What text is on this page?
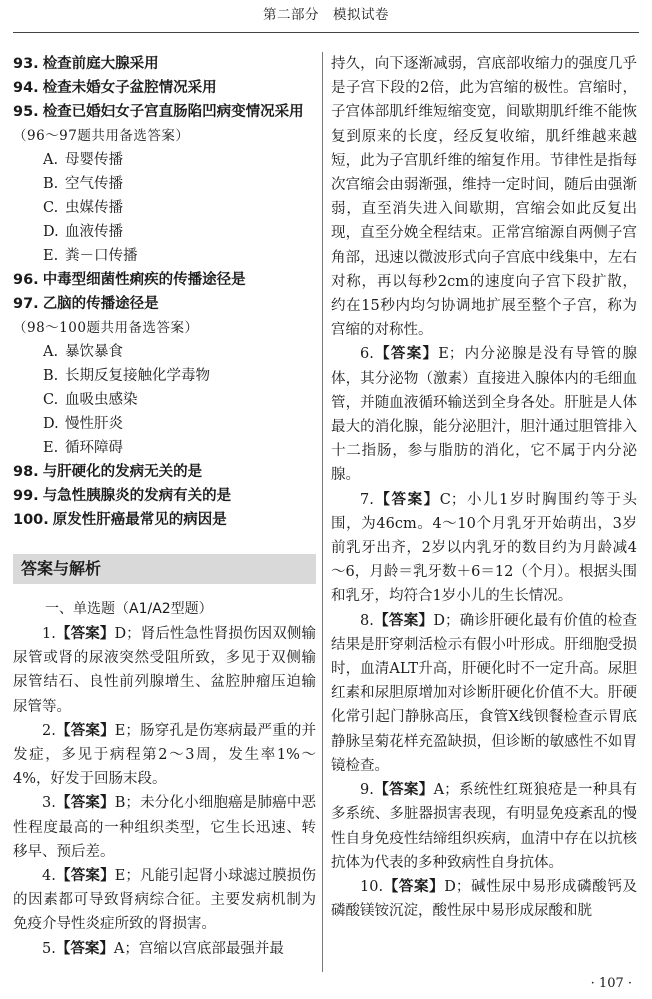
第二部分　模拟试卷
93. 检查前庭大腺采用
94. 检查未婚女子盆腔情况采用
95. 检查已婚妇女子宫直肠陷凹病变情况采用
（96～97题共用备选答案）
A. 母婴传播
B. 空气传播
C. 虫媒传播
D. 血液传播
E. 粪－口传播
96. 中毒型细菌性痢疾的传播途径是
97. 乙脑的传播途径是
（98～100题共用备选答案）
A. 暴饮暴食
B. 长期反复接触化学毒物
C. 血吸虫感染
D. 慢性肝炎
E. 循环障碍
98. 与肝硬化的发病无关的是
99. 与急性胰腺炎的发病有关的是
100. 原发性肝癌最常见的病因是
答案与解析
一、单选题（A1/A2型题）

1.【答案】D；肾后性急性肾损伤因双侧输尿管或肾的尿液突然受阻所致，多见于双侧输尿管结石、良性前列腺增生、盆腔肿瘤压迫输尿管等。

2.【答案】E；肠穿孔是伤寒病最严重的并发症，多见于病程第2～3周，发生率1%～4%，好发于回肠末段。

3.【答案】B；未分化小细胞癌是肺癌中恶性程度最高的一种组织类型，它生长迅速、转移早、预后差。

4.【答案】E；凡能引起肾小球滤过膜损伤的因素都可导致肾病综合征。主要发病机制为免疫介导性炎症所致的肾损害。

5.【答案】A；宫缩以宫底部最强并最

持久，向下逐渐减弱，宫底部收缩力的强度几乎是子宫下段的2倍，此为宫缩的极性。宫缩时，子宫体部肌纤维短缩变宽，间歇期肌纤维不能恢复到原来的长度，经反复收缩，肌纤维越来越短，此为子宫肌纤维的缩复作用。节律性是指每次宫缩会由弱渐强，维持一定时间，随后由强渐弱，直至消失进入间歇期，宫缩会如此反复出现，直至分娩全程结束。正常宫缩源自两侧子宫角部，迅速以微波形式向子宫底中线集中，左右对称，再以每秒2cm的速度向子宫下段扩散，约在15秒内均匀协调地扩展至整个子宫，称为宫缩的对称性。

6.【答案】E；内分泌腺是没有导管的腺体，其分泌物（激素）直接进入腺体内的毛细血管，并随血液循环输送到全身各处。肝脏是人体最大的消化腺，能分泌胆汁，胆汁通过胆管排入十二指肠，参与脂肪的消化，它不属于内分泌腺。

7.【答案】C；小儿1岁时胸围约等于头围，为46cm。4～10个月乳牙开始萌出，3岁前乳牙出齐，2岁以内乳牙的数目约为月龄减4～6，月龄＝乳牙数＋6＝12（个月）。根据头围和乳牙，均符合1岁小儿的生长情况。

8.【答案】D；确诊肝硬化最有价值的检查结果是肝穿刺活检示有假小叶形成。肝细胞受损时，血清ALT升高，肝硬化时不一定升高。尿胆红素和尿胆原增加对诊断肝硬化价值不大。肝硬化常引起门静脉高压，食管X线钡餐检查示胃底静脉呈菊花样充盈缺损，但诊断的敏感性不如胃镜检查。

9.【答案】A；系统性红斑狼疮是一种具有多系统、多脏器损害表现，有明显免疫紊乱的慢性自身免疫性结缔组织疾病，血清中存在以抗核抗体为代表的多种致病性自身抗体。

10.【答案】D；碱性尿中易形成磷酸钙及磷酸镁铵沉淀，酸性尿中易形成尿酸和胱

· 107 ·
